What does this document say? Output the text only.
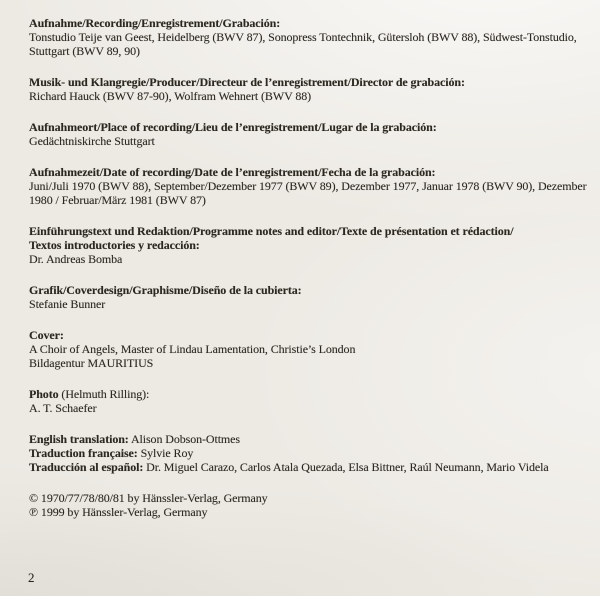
Aufnahme/Recording/Enregistrement/Grabación:
Tonstudio Teije van Geest, Heidelberg (BWV 87), Sonopress Tontechnik, Gütersloh (BWV 88), Südwest-Tonstudio,
Stuttgart (BWV 89, 90)
Musik- und Klangregie/Producer/Directeur de l’enregistrement/Director de grabación:
Richard Hauck (BWV 87-90), Wolfram Wehnert (BWV 88)
Aufnahmeort/Place of recording/Lieu de l’enregistrement/Lugar de la grabación:
Gedächtniskirche Stuttgart
Aufnahmezeit/Date of recording/Date de l’enregistrement/Fecha de la grabación:
Juni/Juli 1970 (BWV 88), September/Dezember 1977 (BWV 89), Dezember 1977, Januar 1978 (BWV 90), Dezember
1980 / Februar/März 1981 (BWV 87)
Einführungstext und Redaktion/Programme notes and editor/Texte de présentation et rédaction/
Textos introductories y redacción:
Dr. Andreas Bomba
Grafik/Coverdesign/Graphisme/Diseño de la cubierta:
Stefanie Bunner
Cover:
A Choir of Angels, Master of Lindau Lamentation, Christie’s London
Bildagentur MAURITIUS
Photo (Helmuth Rilling):
A. T. Schaefer
English translation: Alison Dobson-Ottmes
Traduction française: Sylvie Roy
Traducción al español: Dr. Miguel Carazo, Carlos Atala Quezada, Elsa Bittner, Raúl Neumann, Mario Videla
© 1970/77/78/80/81 by Hänssler-Verlag, Germany
℗ 1999 by Hänssler-Verlag, Germany
2
